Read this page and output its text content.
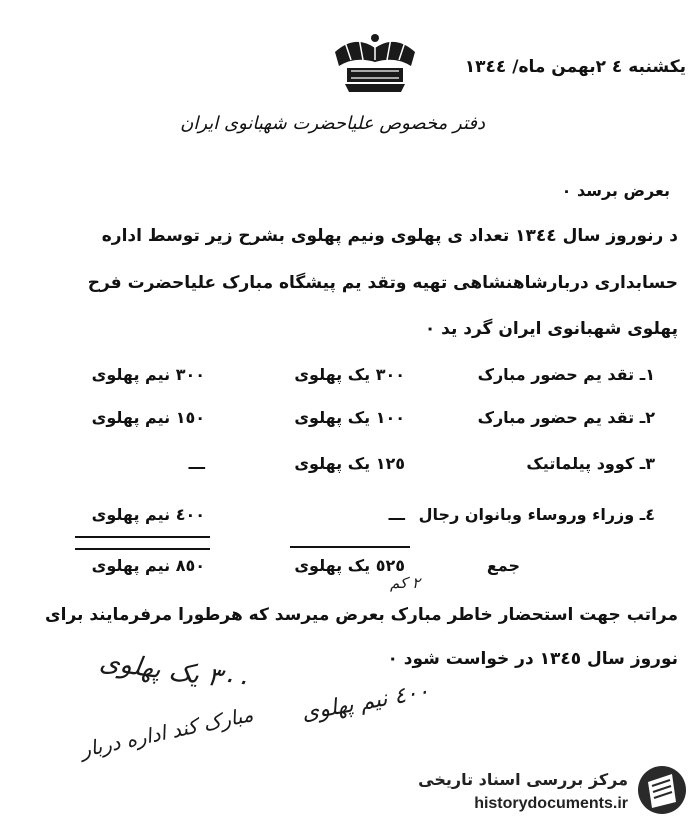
یکشنبه ٤ ٢بهمن ماه/ ١٣٤٤
دفتر مخصوص علیاحضرت شهبانوی ایران
بعرض برسد ٠
د رنوروز سال ١٣٤٤ تعداد ی پهلوی ونیم پهلوی بشرح زیر توسط اداره
حسابداری دربارشاهنشاهی تهیه وتقد یم پیشگاه مبارک علیاحضرت فرح
پهلوی شهبانوی ایران گرد ید ٠
١ـ تقد یم حضور مبارک
٣٠٠ یک پهلوی
٣٠٠ نیم پهلوی
٢ـ تقد یم حضور مبارک
١٠٠ یک پهلوی
١٥٠ نیم پهلوی
٣ـ کوود پیلماتیک
١٢٥ یک پهلوی
ـــ
٤ـ وزراء وروساء وبانوان رجال
ـــ
٤٠٠ نیم پهلوی
جمع
٥٢٥ یک پهلوی
٨٥٠ نیم پهلوی
٢ کم
مراتب جهت استحضار خاطر مبارک بعرض میرسد که هرطورا مرفرمایند برای
نوروز سال ١٣٤٥ در خواست شود ٠
٣٠٠ یک پهلوی
٤٠٠ نیم پهلوی
مبارک کند اداره دربار
مرکز بررسی اسناد تاریخی
historydocuments.ir
